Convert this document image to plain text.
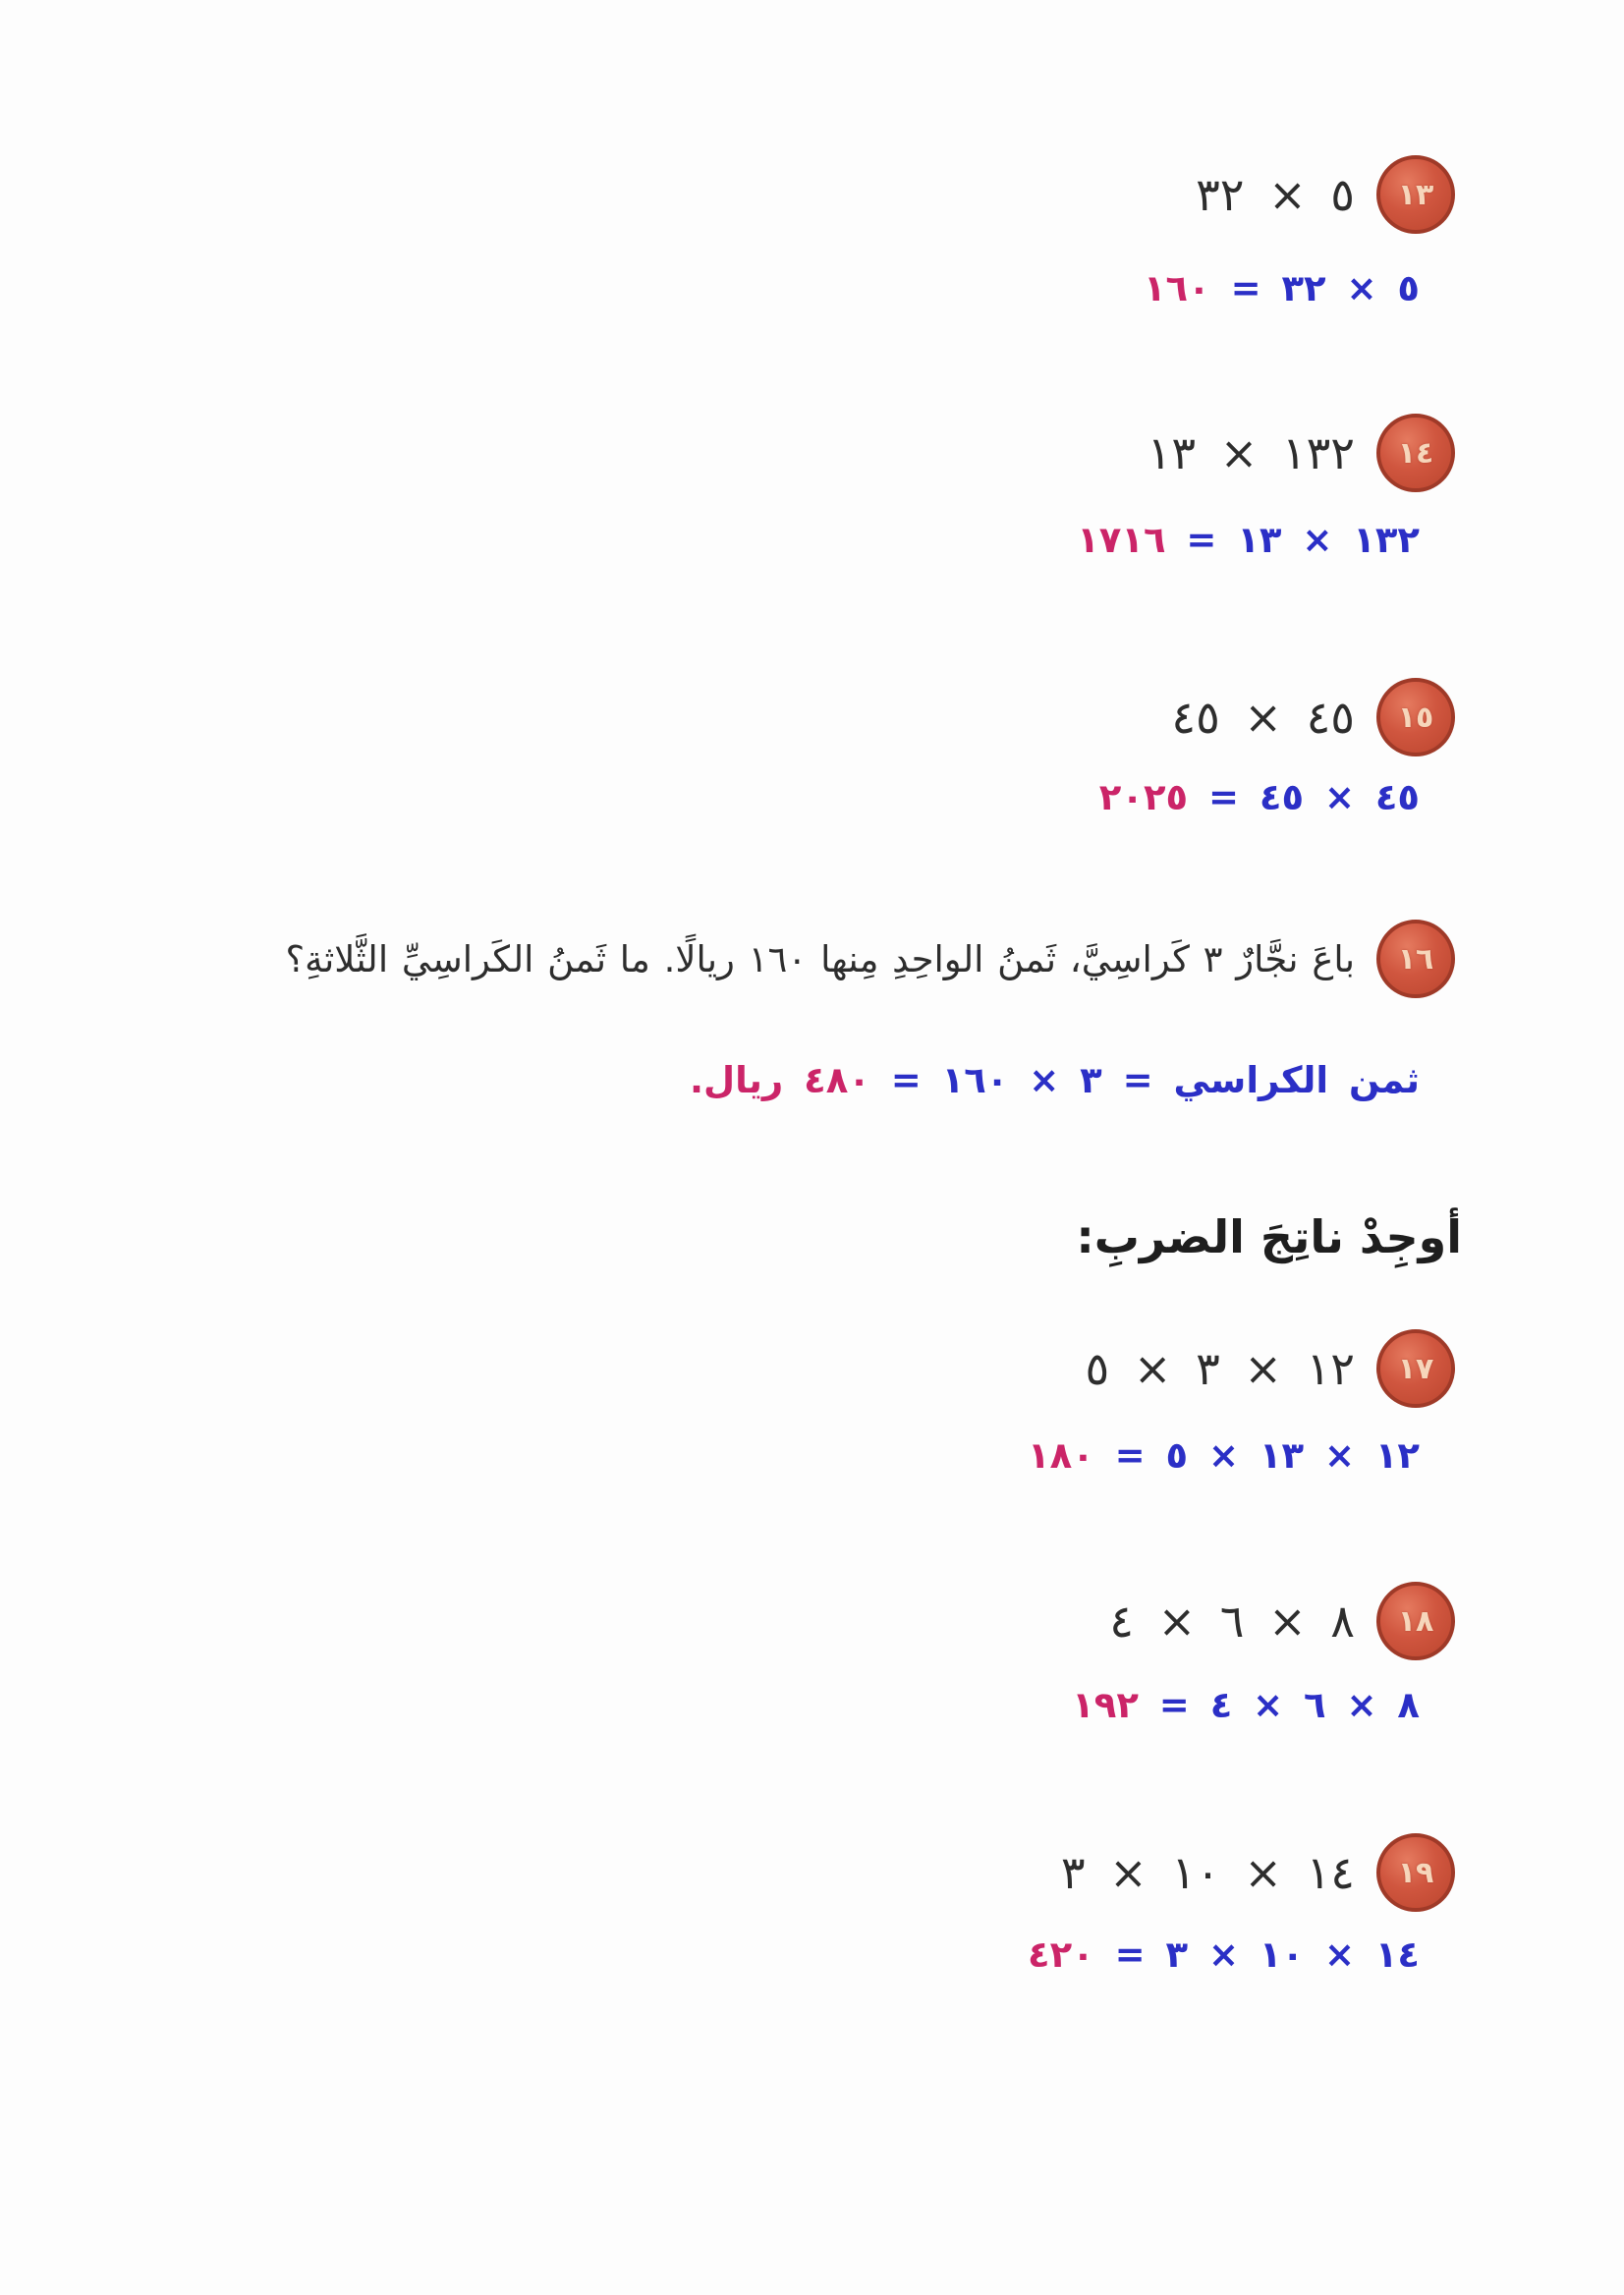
١٣
٥ × ٣٢
٥ × ٣٢ = ١٦٠
١٤
١٣٢ × ١٣
١٣٢ × ١٣ = ١٧١٦
١٥
٤٥ × ٤٥
٤٥ × ٤٥ = ٢٠٢٥
١٦
باعَ نجَّارٌ ٣ كَراسِيَّ، ثَمنُ الواحِدِ مِنها ١٦٠ ريالًا. ما ثَمنُ الكَراسِيِّ الثَّلاثةِ؟
ثمن الكراسي = ٣ × ١٦٠ = ٤٨٠ ريال.
أوجِدْ ناتِجَ الضربِ:
١٧
١٢ × ٣ × ٥
١٢ × ١٣ × ٥ = ١٨٠
١٨
٨ × ٦ × ٤
٨ × ٦ × ٤ = ١٩٢
١٩
١٤ × ١٠ × ٣
١٤ × ١٠ × ٣ = ٤٢٠
